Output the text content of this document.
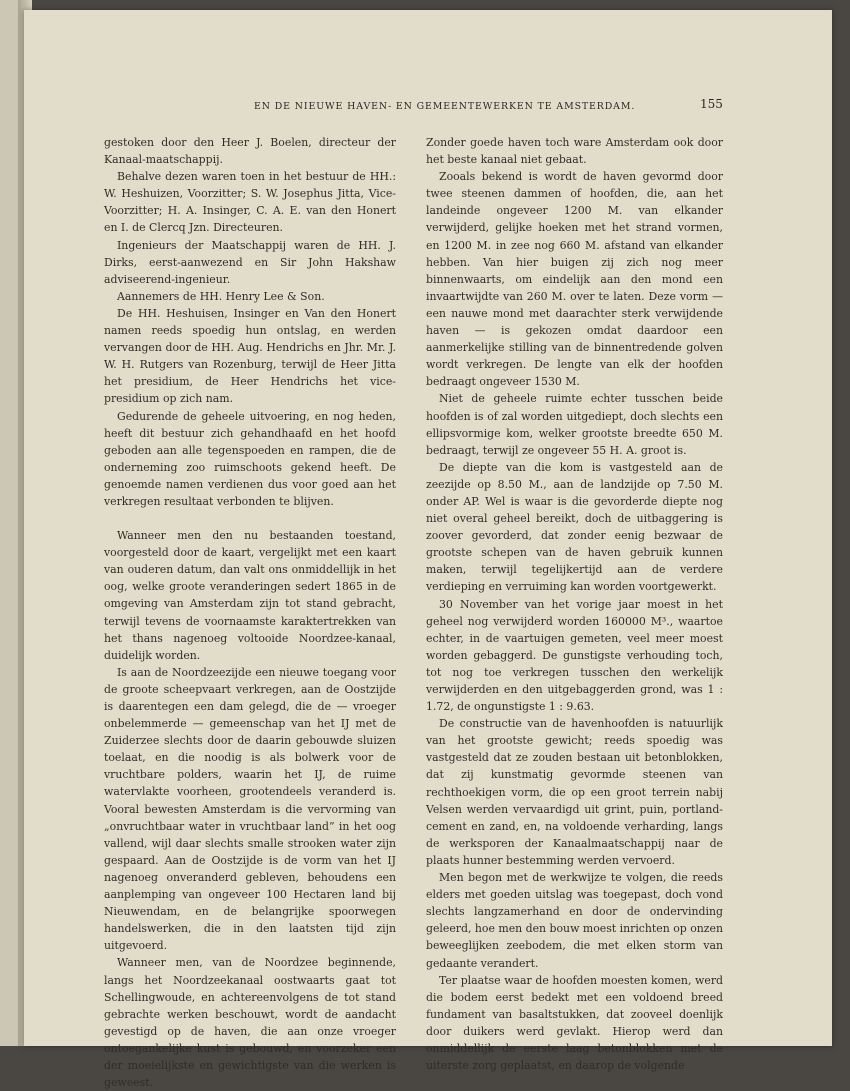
EN DE NIEUWE HAVEN- EN GEMEENTEWERKEN TE AMSTERDAM.	155

gestoken door den Heer J. Boelen, directeur der Kanaal-maatschappij.

Behalve dezen waren toen in het bestuur de HH.: W. Heshuizen, Voorzitter; S. W. Josephus Jitta, Vice-Voorzitter; H. A. Insinger, C. A. E. van den Honert en I. de Clercq Jzn. Directeuren.

Ingenieurs der Maatschappij waren de HH. J. Dirks, eerst-aanwezend en Sir John Hakshaw adviseerend-ingenieur.

Aannemers de HH. Henry Lee & Son.

De HH. Heshuisen, Insinger en Van den Honert namen reeds spoedig hun ontslag, en werden vervangen door de HH. Aug. Hendrichs en Jhr. Mr. J. W. H. Rutgers van Rozenburg, terwijl de Heer Jitta het presidium, de Heer Hendrichs het vice-presidium op zich nam.

Gedurende de geheele uitvoering, en nog heden, heeft dit bestuur zich gehandhaafd en het hoofd geboden aan alle tegenspoeden en rampen, die de onderneming zoo ruimschoots gekend heeft. De genoemde namen verdienen dus voor goed aan het verkregen resultaat verbonden te blijven.

Wanneer men den nu bestaanden toestand, voorgesteld door de kaart, vergelijkt met een kaart van ouderen datum, dan valt ons onmiddellijk in het oog, welke groote veranderingen sedert 1865 in de omgeving van Amsterdam zijn tot stand gebracht, terwijl tevens de voornaamste karaktertrekken van het thans nagenoeg voltooide Noordzee-kanaal, duidelijk worden.

Is aan de Noordzeezijde een nieuwe toegang voor de groote scheepvaart verkregen, aan de Oostzijde is daarentegen een dam gelegd, die de — vroeger onbelemmerde — gemeenschap van het IJ met de Zuiderzee slechts door de daarin gebouwde sluizen toelaat, en die noodig is als bolwerk voor de vruchtbare polders, waarin het IJ, de ruime watervlakte voorheen, grootendeels veranderd is. Vooral bewesten Amsterdam is die vervorming van „onvruchtbaar water in vruchtbaar land” in het oog vallend, wijl daar slechts smalle strooken water zijn gespaard. Aan de Oostzijde is de vorm van het IJ nagenoeg onveranderd gebleven, behoudens een aanplemping van ongeveer 100 Hectaren land bij Nieuwendam, en de belangrijke spoorwegen handelswerken, die in den laatsten tijd zijn uitgevoerd.

Wanneer men, van de Noordzee beginnende, langs het Noordzeekanaal oostwaarts gaat tot Schellingwoude, en achtereenvolgens de tot stand gebrachte werken beschouwt, wordt de aandacht gevestigd op de haven, die aan onze vroeger ontoegankelijke kust is gebouwd, en voorzeker een der moeielijkste en gewichtigste van die werken is geweest.

Zonder goede haven toch ware Amsterdam ook door het beste kanaal niet gebaat.

Zooals bekend is wordt de haven gevormd door twee steenen dammen of hoofden, die, aan het landeinde ongeveer 1200 M. van elkander verwijderd, gelijke hoeken met het strand vormen, en 1200 M. in zee nog 660 M. afstand van elkander hebben. Van hier buigen zij zich nog meer binnenwaarts, om eindelijk aan den mond een invaartwijdte van 260 M. over te laten. Deze vorm — een nauwe mond met daarachter sterk verwijdende haven — is gekozen omdat daardoor een aanmerkelijke stilling van de binnentredende golven wordt verkregen. De lengte van elk der hoofden bedraagt ongeveer 1530 M.

Niet de geheele ruimte echter tusschen beide hoofden is of zal worden uitgediept, doch slechts een ellipsvormige kom, welker grootste breedte 650 M. bedraagt, terwijl ze ongeveer 55 H. A. groot is.

De diepte van die kom is vastgesteld aan de zeezijde op 8.50 M., aan de landzijde op 7.50 M. onder AP. Wel is waar is die gevorderde diepte nog niet overal geheel bereikt, doch de uitbaggering is zoover gevorderd, dat zonder eenig bezwaar de grootste schepen van de haven gebruik kunnen maken, terwijl tegelijkertijd aan de verdere verdieping en verruiming kan worden voortgewerkt.

30 November van het vorige jaar moest in het geheel nog verwijderd worden 160000 M³., waartoe echter, in de vaartuigen gemeten, veel meer moest worden gebaggerd. De gunstigste verhouding toch, tot nog toe verkregen tusschen den werkelijk verwijderden en den uitgebaggerden grond, was 1 : 1.72, de ongunstigste 1 : 9.63.

De constructie van de havenhoofden is natuurlijk van het grootste gewicht; reeds spoedig was vastgesteld dat ze zouden bestaan uit betonblokken, dat zij kunstmatig gevormde steenen van rechthoekigen vorm, die op een groot terrein nabij Velsen werden vervaardigd uit grint, puin, portland-cement en zand, en, na voldoende verharding, langs de werksporen der Kanaalmaatschappij naar de plaats hunner bestemming werden vervoerd.

Men begon met de werkwijze te volgen, die reeds elders met goeden uitslag was toegepast, doch vond slechts langzamerhand en door de ondervinding geleerd, hoe men den bouw moest inrichten op onzen beweeglijken zeebodem, die met elken storm van gedaante verandert.

Ter plaatse waar de hoofden moesten komen, werd die bodem eerst bedekt met een voldoend breed fundament van basaltstukken, dat zooveel doenlijk door duikers werd gevlakt. Hierop werd dan onmiddellijk de eerste laag betonblokken met de uiterste zorg geplaatst, en daarop de volgende
